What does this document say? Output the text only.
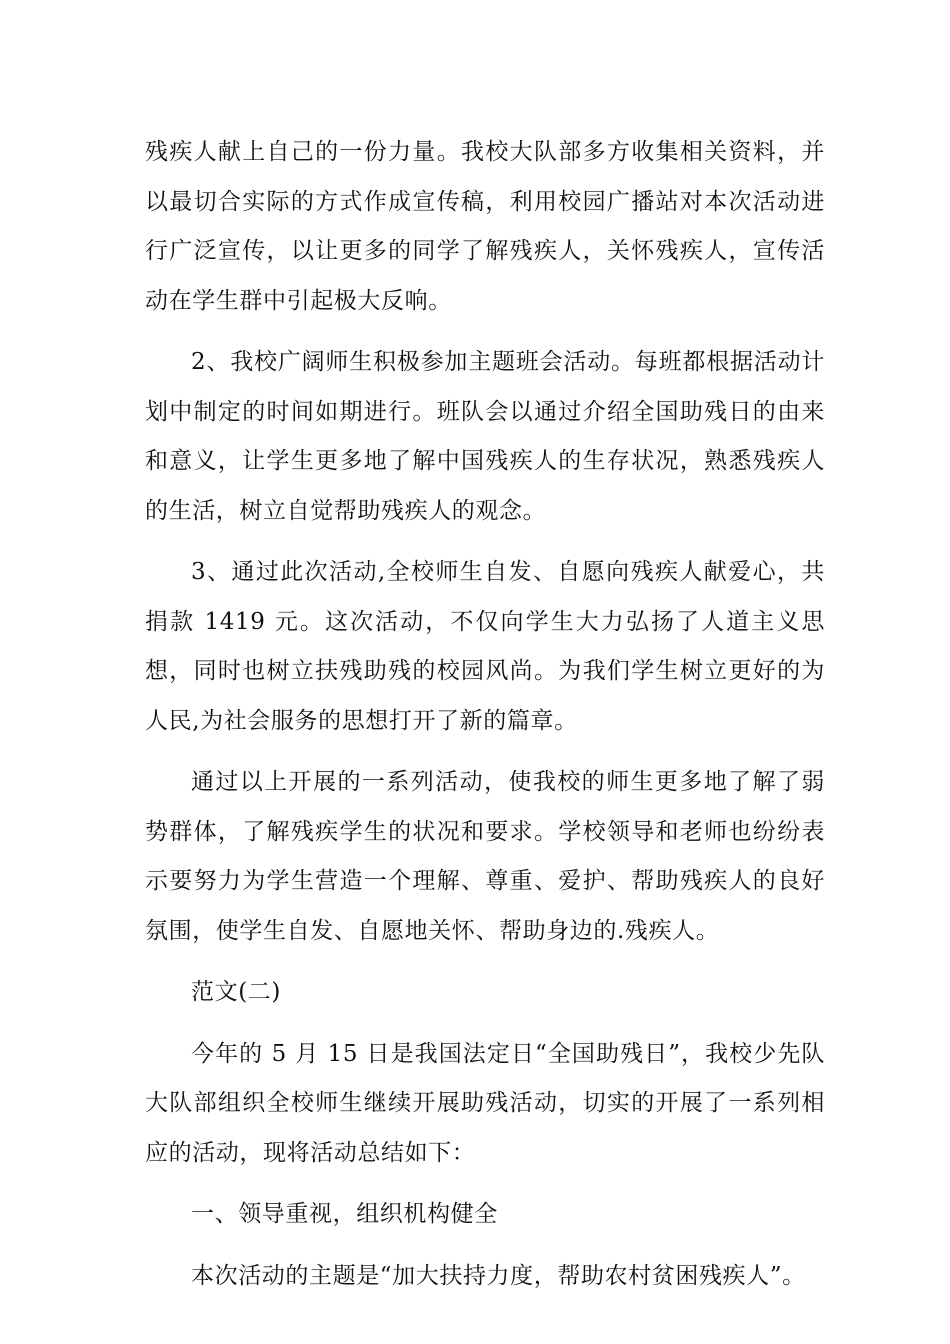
残疾人献上自己的一份力量。我校大队部多方收集相关资料，并以最切合实际的方式作成宣传稿，利用校园广播站对本次活动进行广泛宣传，以让更多的同学了解残疾人，关怀残疾人，宣传活动在学生群中引起极大反响。

2、我校广阔师生积极参加主题班会活动。每班都根据活动计划中制定的时间如期进行。班队会以通过介绍全国助残日的由来和意义，让学生更多地了解中国残疾人的生存状况，熟悉残疾人的生活，树立自觉帮助残疾人的观念。

3、通过此次活动,全校师生自发、自愿向残疾人献爱心，共捐款 1419 元。这次活动，不仅向学生大力弘扬了人道主义思想，同时也树立扶残助残的校园风尚。为我们学生树立更好的为人民,为社会服务的思想打开了新的篇章。

通过以上开展的一系列活动，使我校的师生更多地了解了弱势群体，了解残疾学生的状况和要求。学校领导和老师也纷纷表示要努力为学生营造一个理解、尊重、爱护、帮助残疾人的良好氛围，使学生自发、自愿地关怀、帮助身边的.残疾人。

范文(二)

今年的 5 月 15 日是我国法定日“全国助残日”，我校少先队大队部组织全校师生继续开展助残活动，切实的开展了一系列相应的活动，现将活动总结如下：

一、领导重视，组织机构健全

本次活动的主题是“加大扶持力度，帮助农村贫困残疾人”。
